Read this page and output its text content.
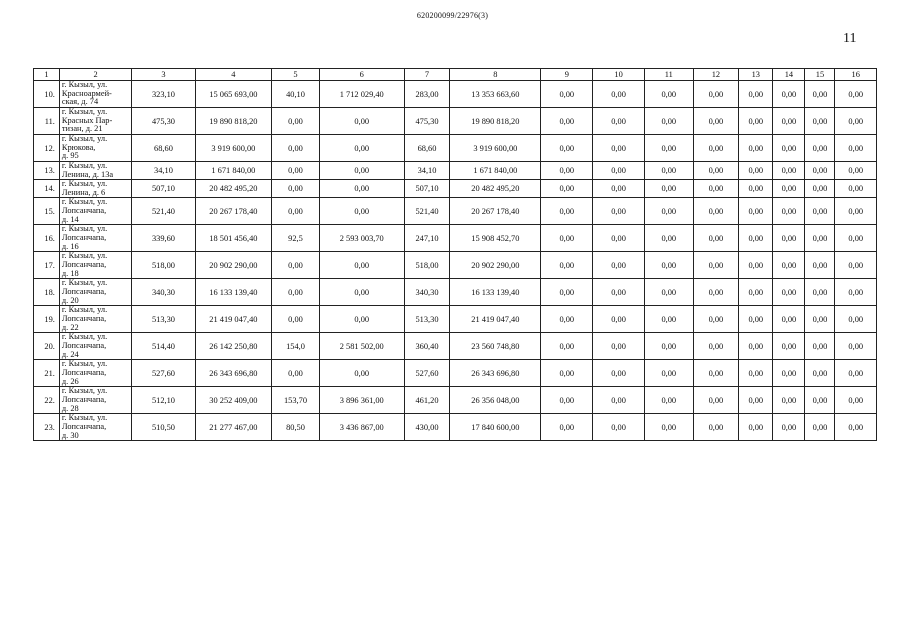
620200099/22976(3)
11
1	2	3	4	5	6	7	8	9	10	11	12	13	14	15	16
10.	г. Кызыл, ул.
Красноармей-
ская, д. 74	323,10	15 065 693,00	40,10	1 712 029,40	283,00	13 353 663,60	0,00	0,00	0,00	0,00	0,00	0,00	0,00	0,00
11.	г. Кызыл, ул.
Красных Пар-
тизан, д. 21	475,30	19 890 818,20	0,00	0,00	475,30	19 890 818,20	0,00	0,00	0,00	0,00	0,00	0,00	0,00	0,00
12.	г. Кызыл, ул.
Крюкова,
д. 95	68,60	3 919 600,00	0,00	0,00	68,60	3 919 600,00	0,00	0,00	0,00	0,00	0,00	0,00	0,00	0,00
13.	г. Кызыл, ул.
Ленина, д. 13а	34,10	1 671 840,00	0,00	0,00	34,10	1 671 840,00	0,00	0,00	0,00	0,00	0,00	0,00	0,00	0,00
14.	г. Кызыл, ул.
Ленина, д. 6	507,10	20 482 495,20	0,00	0,00	507,10	20 482 495,20	0,00	0,00	0,00	0,00	0,00	0,00	0,00	0,00
15.	г. Кызыл, ул.
Лопсанчапа,
д. 14	521,40	20 267 178,40	0,00	0,00	521,40	20 267 178,40	0,00	0,00	0,00	0,00	0,00	0,00	0,00	0,00
16.	г. Кызыл, ул.
Лопсанчапа,
д. 16	339,60	18 501 456,40	92,5	2 593 003,70	247,10	15 908 452,70	0,00	0,00	0,00	0,00	0,00	0,00	0,00	0,00
17.	г. Кызыл, ул.
Лопсанчапа,
д. 18	518,00	20 902 290,00	0,00	0,00	518,00	20 902 290,00	0,00	0,00	0,00	0,00	0,00	0,00	0,00	0,00
18.	г. Кызыл, ул.
Лопсанчапа,
д. 20	340,30	16 133 139,40	0,00	0,00	340,30	16 133 139,40	0,00	0,00	0,00	0,00	0,00	0,00	0,00	0,00
19.	г. Кызыл, ул.
Лопсанчапа,
д. 22	513,30	21 419 047,40	0,00	0,00	513,30	21 419 047,40	0,00	0,00	0,00	0,00	0,00	0,00	0,00	0,00
20.	г. Кызыл, ул.
Лопсанчапа,
д. 24	514,40	26 142 250,80	154,0	2 581 502,00	360,40	23 560 748,80	0,00	0,00	0,00	0,00	0,00	0,00	0,00	0,00
21.	г. Кызыл, ул.
Лопсанчапа,
д. 26	527,60	26 343 696,80	0,00	0,00	527,60	26 343 696,80	0,00	0,00	0,00	0,00	0,00	0,00	0,00	0,00
22.	г. Кызыл, ул.
Лопсанчапа,
д. 28	512,10	30 252 409,00	153,70	3 896 361,00	461,20	26 356 048,00	0,00	0,00	0,00	0,00	0,00	0,00	0,00	0,00
23.	г. Кызыл, ул.
Лопсанчапа,
д. 30	510,50	21 277 467,00	80,50	3 436 867,00	430,00	17 840 600,00	0,00	0,00	0,00	0,00	0,00	0,00	0,00	0,00
